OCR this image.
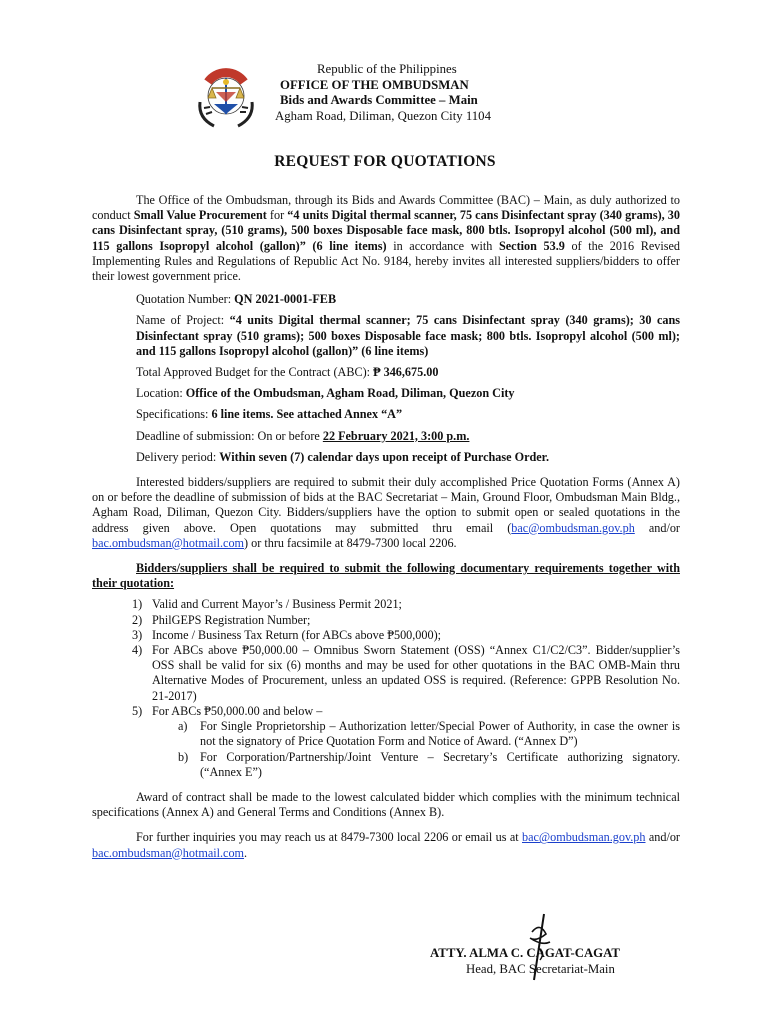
Republic of the Philippines
OFFICE OF THE OMBUDSMAN
Bids and Awards Committee – Main
Agham Road, Diliman, Quezon City 1104
REQUEST FOR QUOTATIONS

The Office of the Ombudsman, through its Bids and Awards Committee (BAC) – Main, as duly authorized to conduct Small Value Procurement for “4 units Digital thermal scanner, 75 cans Disinfectant spray (340 grams), 30 cans Disinfectant spray, (510 grams), 500 boxes Disposable face mask, 800 btls. Isopropyl alcohol (500 ml), and 115 gallons Isopropyl alcohol (gallon)” (6 line items) in accordance with Section 53.9 of the 2016 Revised Implementing Rules and Regulations of Republic Act No. 9184, hereby invites all interested suppliers/bidders to offer their lowest government price.

Quotation Number: QN 2021-0001-FEB

Name of Project: “4 units Digital thermal scanner; 75 cans Disinfectant spray (340 grams); 30 cans Disinfectant spray (510 grams); 500 boxes Disposable face mask; 800 btls. Isopropyl alcohol (500 ml); and 115 gallons Isopropyl alcohol (gallon)” (6 line items)

Total Approved Budget for the Contract (ABC): ₱ 346,675.00

Location: Office of the Ombudsman, Agham Road, Diliman, Quezon City

Specifications: 6 line items. See attached Annex “A”

Deadline of submission: On or before 22 February 2021, 3:00 p.m.

Delivery period: Within seven (7) calendar days upon receipt of Purchase Order.

Interested bidders/suppliers are required to submit their duly accomplished Price Quotation Forms (Annex A) on or before the deadline of submission of bids at the BAC Secretariat – Main, Ground Floor, Ombudsman Main Bldg., Agham Road, Diliman, Quezon City. Bidders/suppliers have the option to submit open or sealed quotations in the address given above. Open quotations may submitted thru email (bac@ombudsman.gov.ph and/or bac.ombudsman@hotmail.com) or thru facsimile at 8479-7300 local 2206.

Bidders/suppliers shall be required to submit the following documentary requirements together with their quotation:

1) Valid and Current Mayor’s / Business Permit 2021;
2) PhilGEPS Registration Number;
3) Income / Business Tax Return (for ABCs above ₱500,000);
4) For ABCs above ₱50,000.00 – Omnibus Sworn Statement (OSS) “Annex C1/C2/C3”. Bidder/supplier’s OSS shall be valid for six (6) months and may be used for other quotations in the BAC OMB-Main thru Alternative Modes of Procurement, unless an updated OSS is required. (Reference: GPPB Resolution No. 21-2017)
5) For ABCs ₱50,000.00 and below –
a) For Single Proprietorship – Authorization letter/Special Power of Authority, in case the owner is not the signatory of Price Quotation Form and Notice of Award. (“Annex D”)
b) For Corporation/Partnership/Joint Venture – Secretary’s Certificate authorizing signatory. (“Annex E”)

Award of contract shall be made to the lowest calculated bidder which complies with the minimum technical specifications (Annex A) and General Terms and Conditions (Annex B).

For further inquiries you may reach us at 8479-7300 local 2206 or email us at bac@ombudsman.gov.ph and/or bac.ombudsman@hotmail.com.

ATTY. ALMA C. CAGAT-CAGAT
Head, BAC Secretariat-Main
